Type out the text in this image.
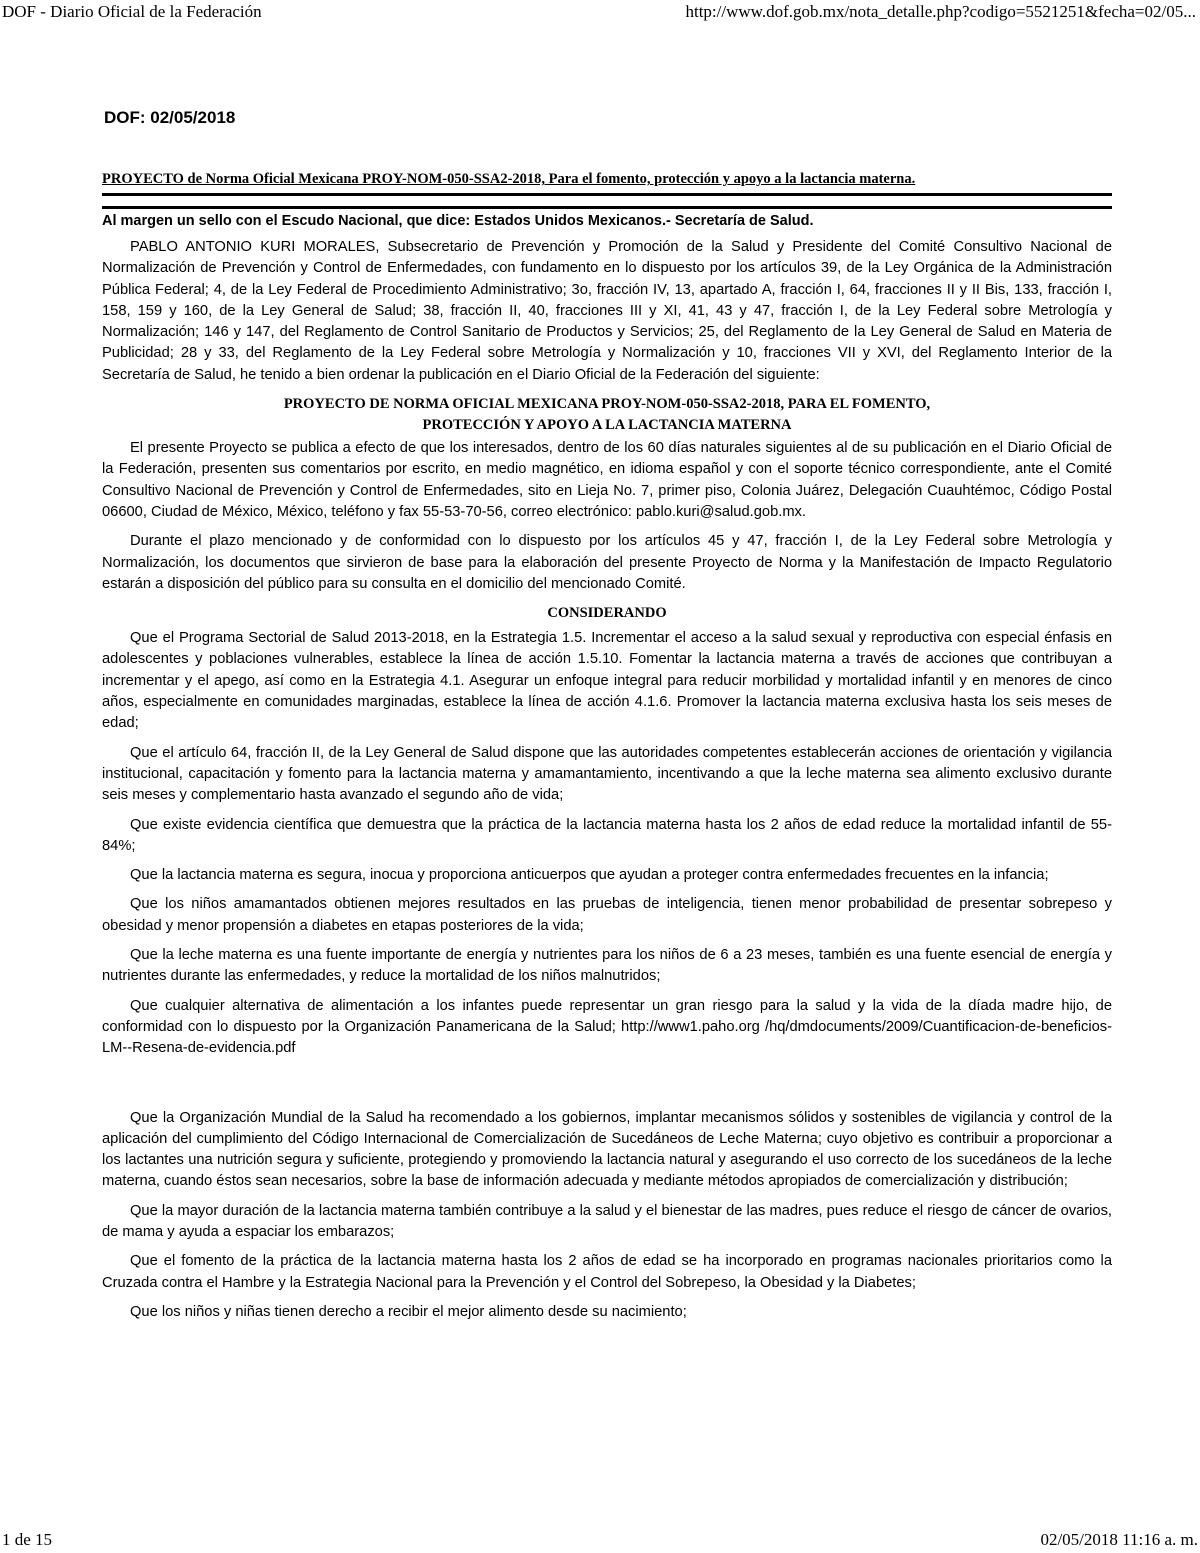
DOF - Diario Oficial de la Federación	http://www.dof.gob.mx/nota_detalle.php?codigo=5521251&fecha=02/05...
DOF: 02/05/2018
PROYECTO de Norma Oficial Mexicana PROY-NOM-050-SSA2-2018, Para el fomento, protección y apoyo a la lactancia materna.
Al margen un sello con el Escudo Nacional, que dice: Estados Unidos Mexicanos.- Secretaría de Salud.

PABLO ANTONIO KURI MORALES, Subsecretario de Prevención y Promoción de la Salud y Presidente del Comité Consultivo Nacional de Normalización de Prevención y Control de Enfermedades, con fundamento en lo dispuesto por los artículos 39, de la Ley Orgánica de la Administración Pública Federal; 4, de la Ley Federal de Procedimiento Administrativo; 3o, fracción IV, 13, apartado A, fracción I, 64, fracciones II y II Bis, 133, fracción I, 158, 159 y 160, de la Ley General de Salud; 38, fracción II, 40, fracciones III y XI, 41, 43 y 47, fracción I, de la Ley Federal sobre Metrología y Normalización; 146 y 147, del Reglamento de Control Sanitario de Productos y Servicios; 25, del Reglamento de la Ley General de Salud en Materia de Publicidad; 28 y 33, del Reglamento de la Ley Federal sobre Metrología y Normalización y 10, fracciones VII y XVI, del Reglamento Interior de la Secretaría de Salud, he tenido a bien ordenar la publicación en el Diario Oficial de la Federación del siguiente:

PROYECTO DE NORMA OFICIAL MEXICANA PROY-NOM-050-SSA2-2018, PARA EL FOMENTO,
PROTECCIÓN Y APOYO A LA LACTANCIA MATERNA

El presente Proyecto se publica a efecto de que los interesados, dentro de los 60 días naturales siguientes al de su publicación en el Diario Oficial de la Federación, presenten sus comentarios por escrito, en medio magnético, en idioma español y con el soporte técnico correspondiente, ante el Comité Consultivo Nacional de Prevención y Control de Enfermedades, sito en Lieja No. 7, primer piso, Colonia Juárez, Delegación Cuauhtémoc, Código Postal 06600, Ciudad de México, México, teléfono y fax 55-53-70-56, correo electrónico: pablo.kuri@salud.gob.mx.

Durante el plazo mencionado y de conformidad con lo dispuesto por los artículos 45 y 47, fracción I, de la Ley Federal sobre Metrología y Normalización, los documentos que sirvieron de base para la elaboración del presente Proyecto de Norma y la Manifestación de Impacto Regulatorio estarán a disposición del público para su consulta en el domicilio del mencionado Comité.

CONSIDERANDO

Que el Programa Sectorial de Salud 2013-2018, en la Estrategia 1.5. Incrementar el acceso a la salud sexual y reproductiva con especial énfasis en adolescentes y poblaciones vulnerables, establece la línea de acción 1.5.10. Fomentar la lactancia materna a través de acciones que contribuyan a incrementar y el apego, así como en la Estrategia 4.1. Asegurar un enfoque integral para reducir morbilidad y mortalidad infantil y en menores de cinco años, especialmente en comunidades marginadas, establece la línea de acción 4.1.6. Promover la lactancia materna exclusiva hasta los seis meses de edad;

Que el artículo 64, fracción II, de la Ley General de Salud dispone que las autoridades competentes establecerán acciones de orientación y vigilancia institucional, capacitación y fomento para la lactancia materna y amamantamiento, incentivando a que la leche materna sea alimento exclusivo durante seis meses y complementario hasta avanzado el segundo año de vida;

Que existe evidencia científica que demuestra que la práctica de la lactancia materna hasta los 2 años de edad reduce la mortalidad infantil de 55-84%;

Que la lactancia materna es segura, inocua y proporciona anticuerpos que ayudan a proteger contra enfermedades frecuentes en la infancia;

Que los niños amamantados obtienen mejores resultados en las pruebas de inteligencia, tienen menor probabilidad de presentar sobrepeso y obesidad y menor propensión a diabetes en etapas posteriores de la vida;

Que la leche materna es una fuente importante de energía y nutrientes para los niños de 6 a 23 meses, también es una fuente esencial de energía y nutrientes durante las enfermedades, y reduce la mortalidad de los niños malnutridos;

Que cualquier alternativa de alimentación a los infantes puede representar un gran riesgo para la salud y la vida de la díada madre hijo, de conformidad con lo dispuesto por la Organización Panamericana de la Salud; http://www1.paho.org /hq/dmdocuments/2009/Cuantificacion-de-beneficios-LM--Resena-de-evidencia.pdf

Que la Organización Mundial de la Salud ha recomendado a los gobiernos, implantar mecanismos sólidos y sostenibles de vigilancia y control de la aplicación del cumplimiento del Código Internacional de Comercialización de Sucedáneos de Leche Materna; cuyo objetivo es contribuir a proporcionar a los lactantes una nutrición segura y suficiente, protegiendo y promoviendo la lactancia natural y asegurando el uso correcto de los sucedáneos de la leche materna, cuando éstos sean necesarios, sobre la base de información adecuada y mediante métodos apropiados de comercialización y distribución;

Que la mayor duración de la lactancia materna también contribuye a la salud y el bienestar de las madres, pues reduce el riesgo de cáncer de ovarios, de mama y ayuda a espaciar los embarazos;

Que el fomento de la práctica de la lactancia materna hasta los 2 años de edad se ha incorporado en programas nacionales prioritarios como la Cruzada contra el Hambre y la Estrategia Nacional para la Prevención y el Control del Sobrepeso, la Obesidad y la Diabetes;

Que los niños y niñas tienen derecho a recibir el mejor alimento desde su nacimiento;

1 de 15	02/05/2018 11:16 a. m.
